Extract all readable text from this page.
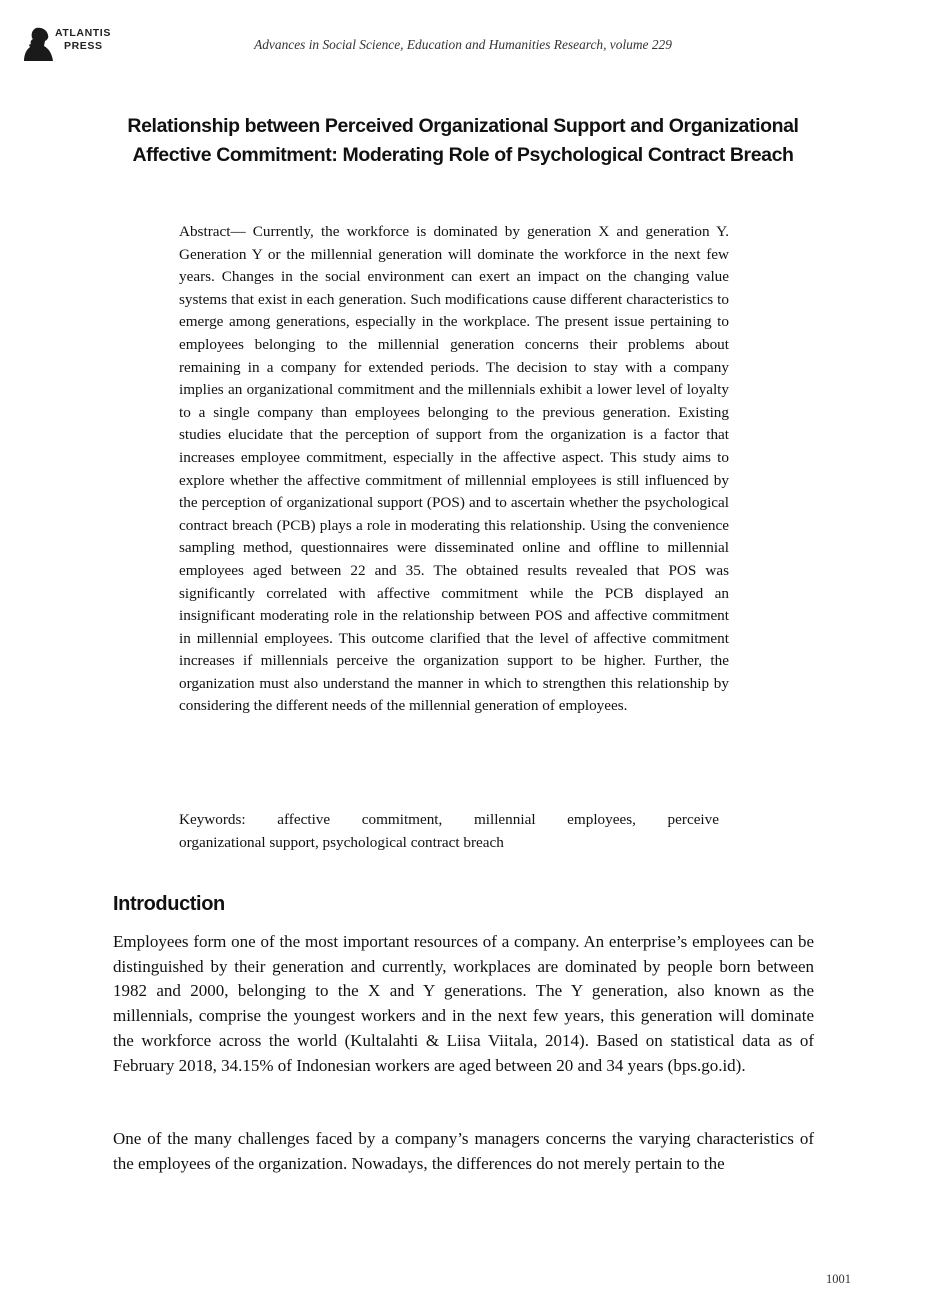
ATLANTIS
PRESS	Advances in Social Science, Education and Humanities Research, volume 229
Relationship between Perceived Organizational Support and Organizational Affective Commitment: Moderating Role of Psychological Contract Breach

Abstract— Currently, the workforce is dominated by generation X and generation Y. Generation Y or the millennial generation will dominate the workforce in the next few years. Changes in the social environment can exert an impact on the changing value systems that exist in each generation. Such modifications cause different characteristics to emerge among generations, especially in the workplace. The present issue pertaining to employees belonging to the millennial generation concerns their problems about remaining in a company for extended periods. The decision to stay with a company implies an organizational commitment and the millennials exhibit a lower level of loyalty to a single company than employees belonging to the previous generation. Existing studies elucidate that the perception of support from the organization is a factor that increases employee commitment, especially in the affective aspect. This study aims to explore whether the affective commitment of millennial employees is still influenced by the perception of organizational support (POS) and to ascertain whether the psychological contract breach (PCB) plays a role in moderating this relationship. Using the convenience sampling method, questionnaires were disseminated online and offline to millennial employees aged between 22 and 35. The obtained results revealed that POS was significantly correlated with affective commitment while the PCB displayed an insignificant moderating role in the relationship between POS and affective commitment in millennial employees. This outcome clarified that the level of affective commitment increases if millennials perceive the organization support to be higher. Further, the organization must also understand the manner in which to strengthen this relationship by considering the different needs of the millennial generation of employees.

Keywords: affective commitment, millennial employees, perceive
organizational support, psychological contract breach

Introduction

Employees form one of the most important resources of a company. An enterprise’s employees can be distinguished by their generation and currently, workplaces are dominated by people born between 1982 and 2000, belonging to the X and Y generations. The Y generation, also known as the millennials, comprise the youngest workers and in the next few years, this generation will dominate the workforce across the world (Kultalahti & Liisa Viitala, 2014). Based on statistical data as of February 2018, 34.15% of Indonesian workers are aged between 20 and 34 years (bps.go.id).

One of the many challenges faced by a company’s managers concerns the varying characteristics of the employees of the organization. Nowadays, the differences do not merely pertain to the

1001
